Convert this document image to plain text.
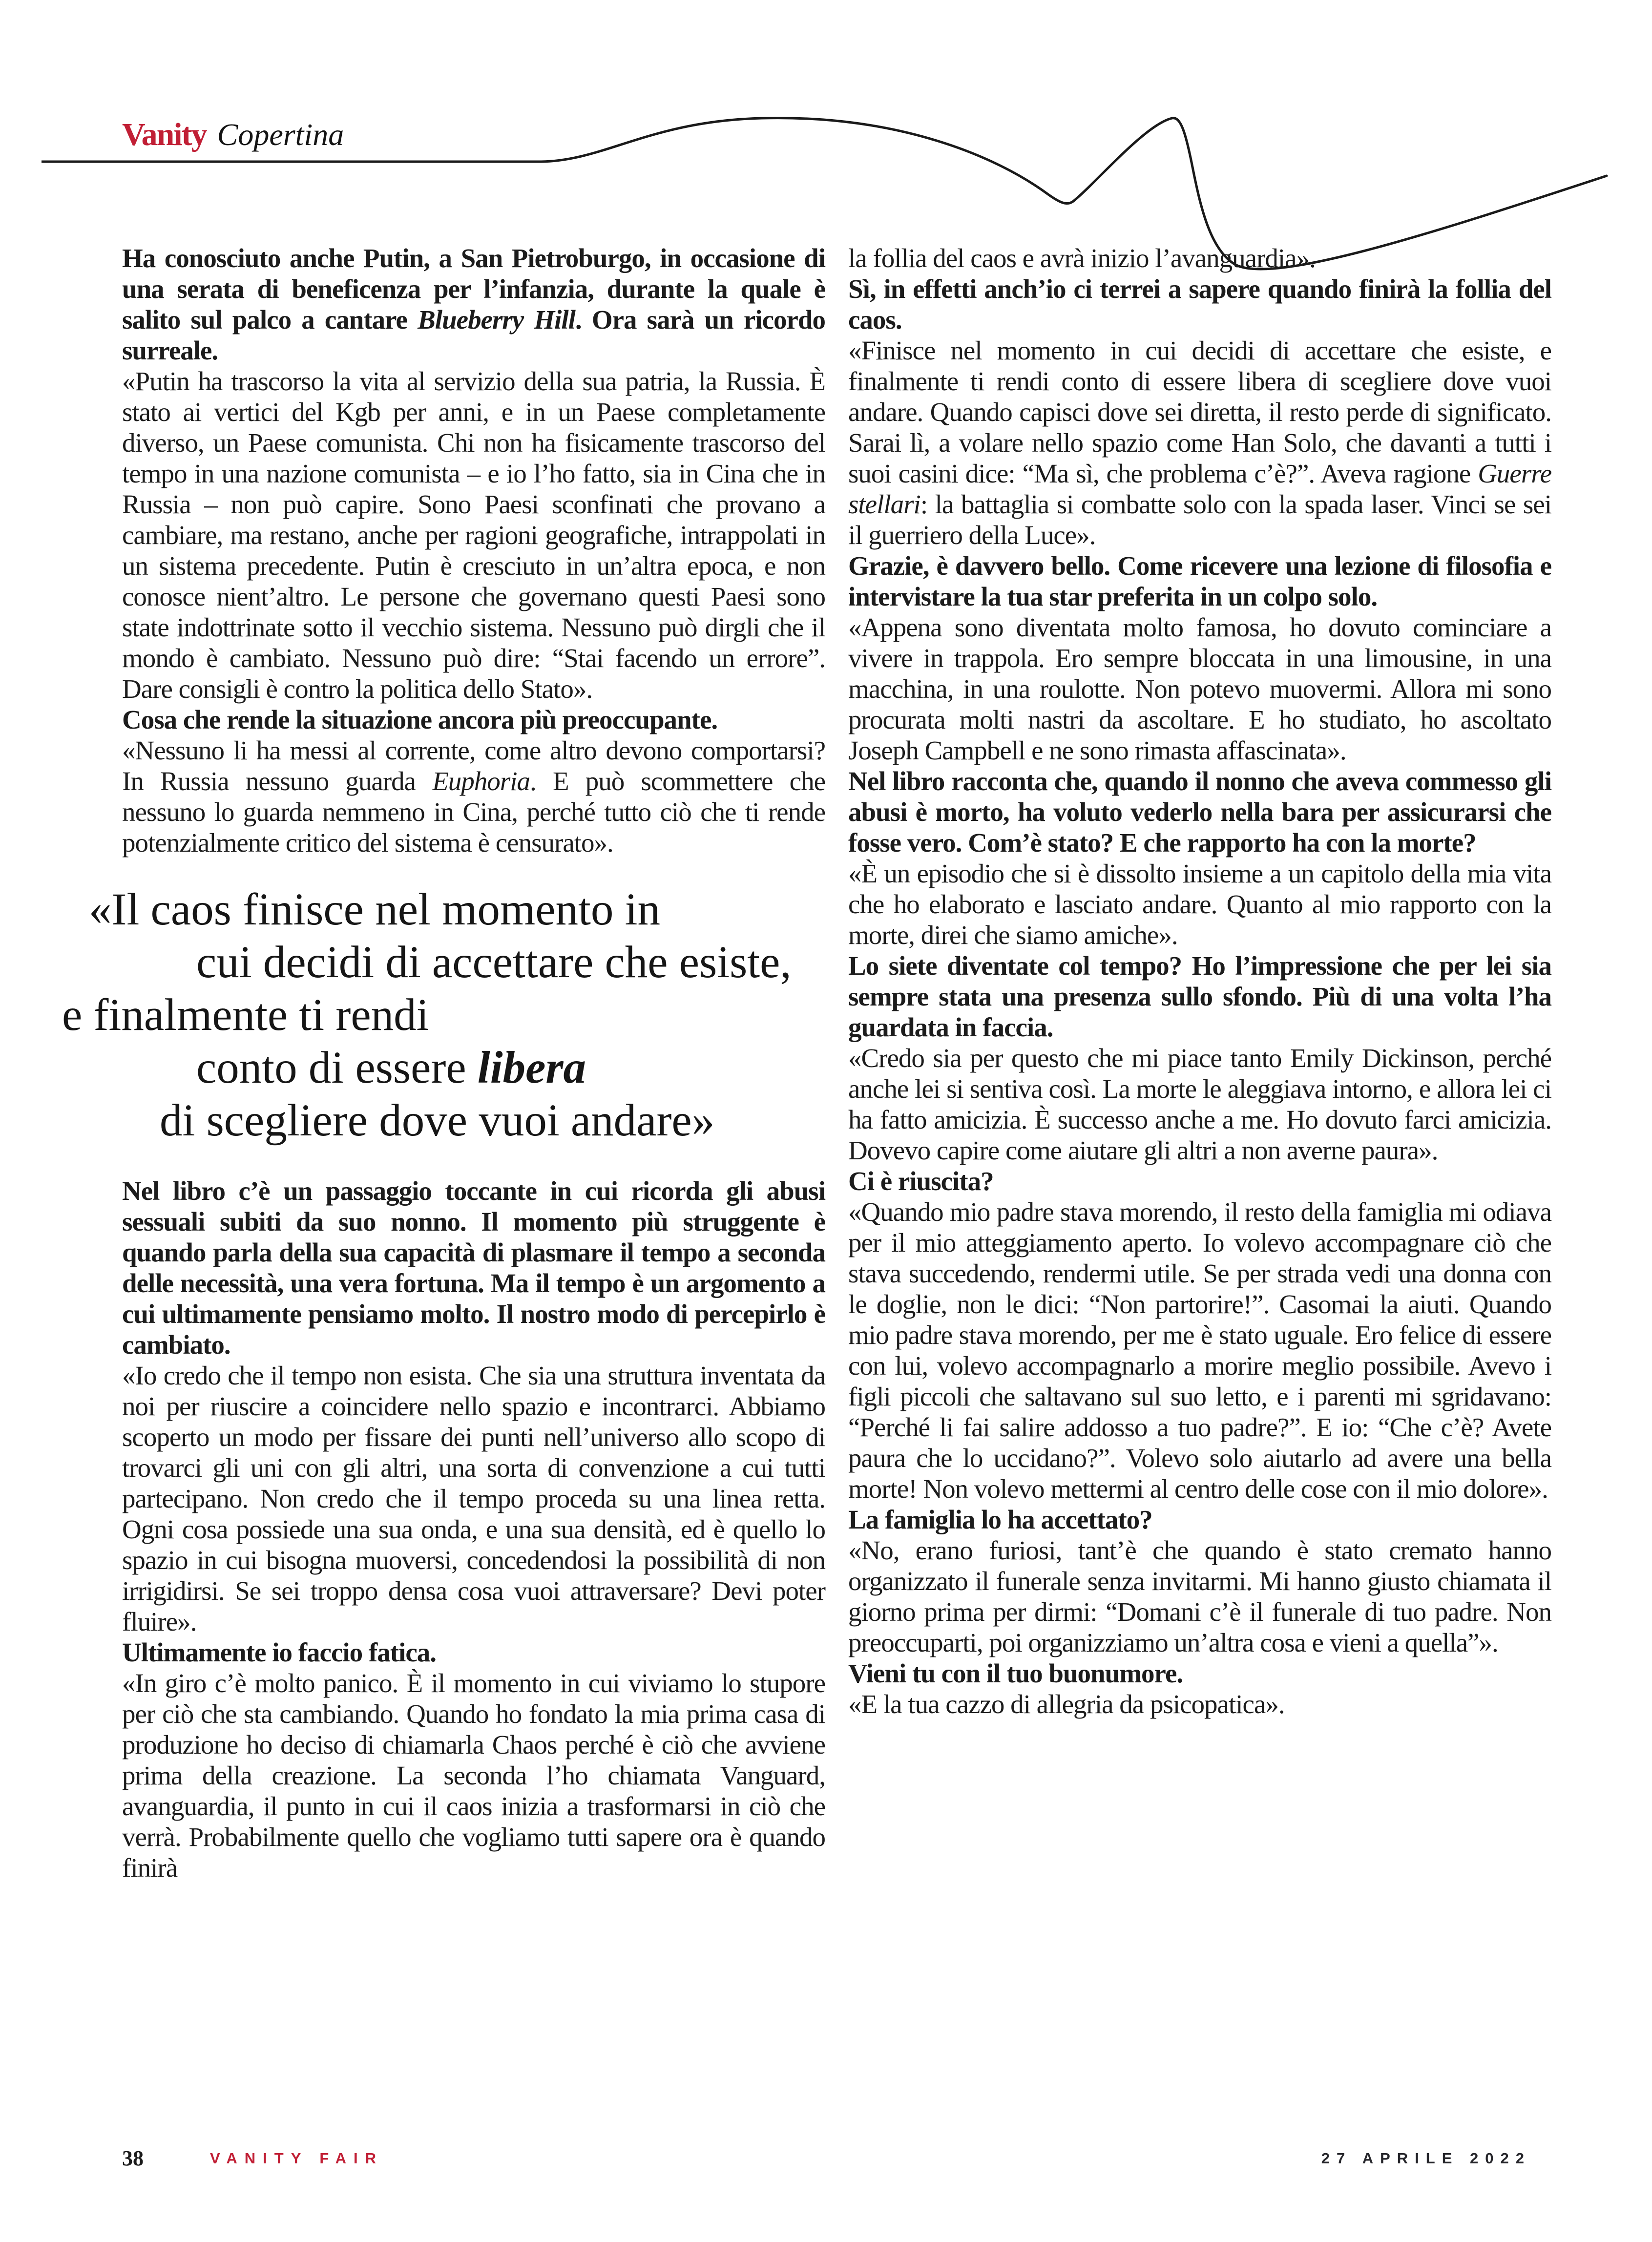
Vanity Copertina

Ha conosciuto anche Putin, a San Pietroburgo, in occasione di una serata di beneficenza per l’infanzia, durante la quale è salito sul palco a cantare Blueberry Hill. Ora sarà un ricordo surreale.

«Putin ha trascorso la vita al servizio della sua patria, la Russia. È stato ai vertici del Kgb per anni, e in un Paese completamente diverso, un Paese comunista. Chi non ha fisicamente trascorso del tempo in una nazione comunista – e io l’ho fatto, sia in Cina che in Russia – non può capire. Sono Paesi sconfinati che provano a cambiare, ma restano, anche per ragioni geografiche, intrappolati in un sistema precedente. Putin è cresciuto in un’altra epoca, e non conosce nient’altro. Le persone che governano questi Paesi sono state indottrinate sotto il vecchio sistema. Nessuno può dirgli che il mondo è cambiato. Nessuno può dire: “Stai facendo un errore”. Dare consigli è contro la politica dello Stato».

Cosa che rende la situazione ancora più preoccupante.

«Nessuno li ha messi al corrente, come altro devono comportarsi? In Russia nessuno guarda Euphoria. E può scommettere che nessuno lo guarda nemmeno in Cina, perché tutto ciò che ti rende potenzialmente critico del sistema è censurato».

«Il caos finisce nel momento in
cui decidi di accettare che esiste,
e finalmente ti rendi
conto di essere libera
di scegliere dove vuoi andare»

Nel libro c’è un passaggio toccante in cui ricorda gli abusi sessuali subiti da suo nonno. Il momento più struggente è quando parla della sua capacità di plasmare il tempo a seconda delle necessità, una vera fortuna. Ma il tempo è un argomento a cui ultimamente pensiamo molto. Il nostro modo di percepirlo è cambiato.

«Io credo che il tempo non esista. Che sia una struttura inventata da noi per riuscire a coincidere nello spazio e incontrarci. Abbiamo scoperto un modo per fissare dei punti nell’universo allo scopo di trovarci gli uni con gli altri, una sorta di convenzione a cui tutti partecipano. Non credo che il tempo proceda su una linea retta. Ogni cosa possiede una sua onda, e una sua densità, ed è quello lo spazio in cui bisogna muoversi, concedendosi la possibilità di non irrigidirsi. Se sei troppo densa cosa vuoi attraversare? Devi poter fluire».

Ultimamente io faccio fatica.

«In giro c’è molto panico. È il momento in cui viviamo lo stupore per ciò che sta cambiando. Quando ho fondato la mia prima casa di produzione ho deciso di chiamarla Chaos perché è ciò che avviene prima della creazione. La seconda l’ho chiamata Vanguard, avanguardia, il punto in cui il caos inizia a trasformarsi in ciò che verrà. Probabilmente quello che vogliamo tutti sapere ora è quando finirà

la follia del caos e avrà inizio l’avanguardia».

Sì, in effetti anch’io ci terrei a sapere quando finirà la follia del caos.

«Finisce nel momento in cui decidi di accettare che esiste, e finalmente ti rendi conto di essere libera di scegliere dove vuoi andare. Quando capisci dove sei diretta, il resto perde di significato. Sarai lì, a volare nello spazio come Han Solo, che davanti a tutti i suoi casini dice: “Ma sì, che problema c’è?”. Aveva ragione Guerre stellari: la battaglia si combatte solo con la spada laser. Vinci se sei il guerriero della Luce».

Grazie, è davvero bello. Come ricevere una lezione di filosofia e intervistare la tua star preferita in un colpo solo.

«Appena sono diventata molto famosa, ho dovuto cominciare a vivere in trappola. Ero sempre bloccata in una limousine, in una macchina, in una roulotte. Non potevo muovermi. Allora mi sono procurata molti nastri da ascoltare. E ho studiato, ho ascoltato Joseph Campbell e ne sono rimasta affascinata».

Nel libro racconta che, quando il nonno che aveva commesso gli abusi è morto, ha voluto vederlo nella bara per assicurarsi che fosse vero. Com’è stato? E che rapporto ha con la morte?

«È un episodio che si è dissolto insieme a un capitolo della mia vita che ho elaborato e lasciato andare. Quanto al mio rapporto con la morte, direi che siamo amiche».

Lo siete diventate col tempo? Ho l’impressione che per lei sia sempre stata una presenza sullo sfondo. Più di una volta l’ha guardata in faccia.

«Credo sia per questo che mi piace tanto Emily Dickinson, perché anche lei si sentiva così. La morte le aleggiava intorno, e allora lei ci ha fatto amicizia. È successo anche a me. Ho dovuto farci amicizia. Dovevo capire come aiutare gli altri a non averne paura».

Ci è riuscita?

«Quando mio padre stava morendo, il resto della famiglia mi odiava per il mio atteggiamento aperto. Io volevo accompagnare ciò che stava succedendo, rendermi utile. Se per strada vedi una donna con le doglie, non le dici: “Non partorire!”. Casomai la aiuti. Quando mio padre stava morendo, per me è stato uguale. Ero felice di essere con lui, volevo accompagnarlo a morire meglio possibile. Avevo i figli piccoli che saltavano sul suo letto, e i parenti mi sgridavano: “Perché li fai salire addosso a tuo padre?”. E io: “Che c’è? Avete paura che lo uccidano?”. Volevo solo aiutarlo ad avere una bella morte! Non volevo mettermi al centro delle cose con il mio dolore».

La famiglia lo ha accettato?

«No, erano furiosi, tant’è che quando è stato cremato hanno organizzato il funerale senza invitarmi. Mi hanno giusto chiamata il giorno prima per dirmi: “Domani c’è il funerale di tuo padre. Non preoccuparti, poi organizziamo un’altra cosa e vieni a quella”».

Vieni tu con il tuo buonumore.

«E la tua cazzo di allegria da psicopatica».

38	VANITY FAIR	27 APRILE 2022
